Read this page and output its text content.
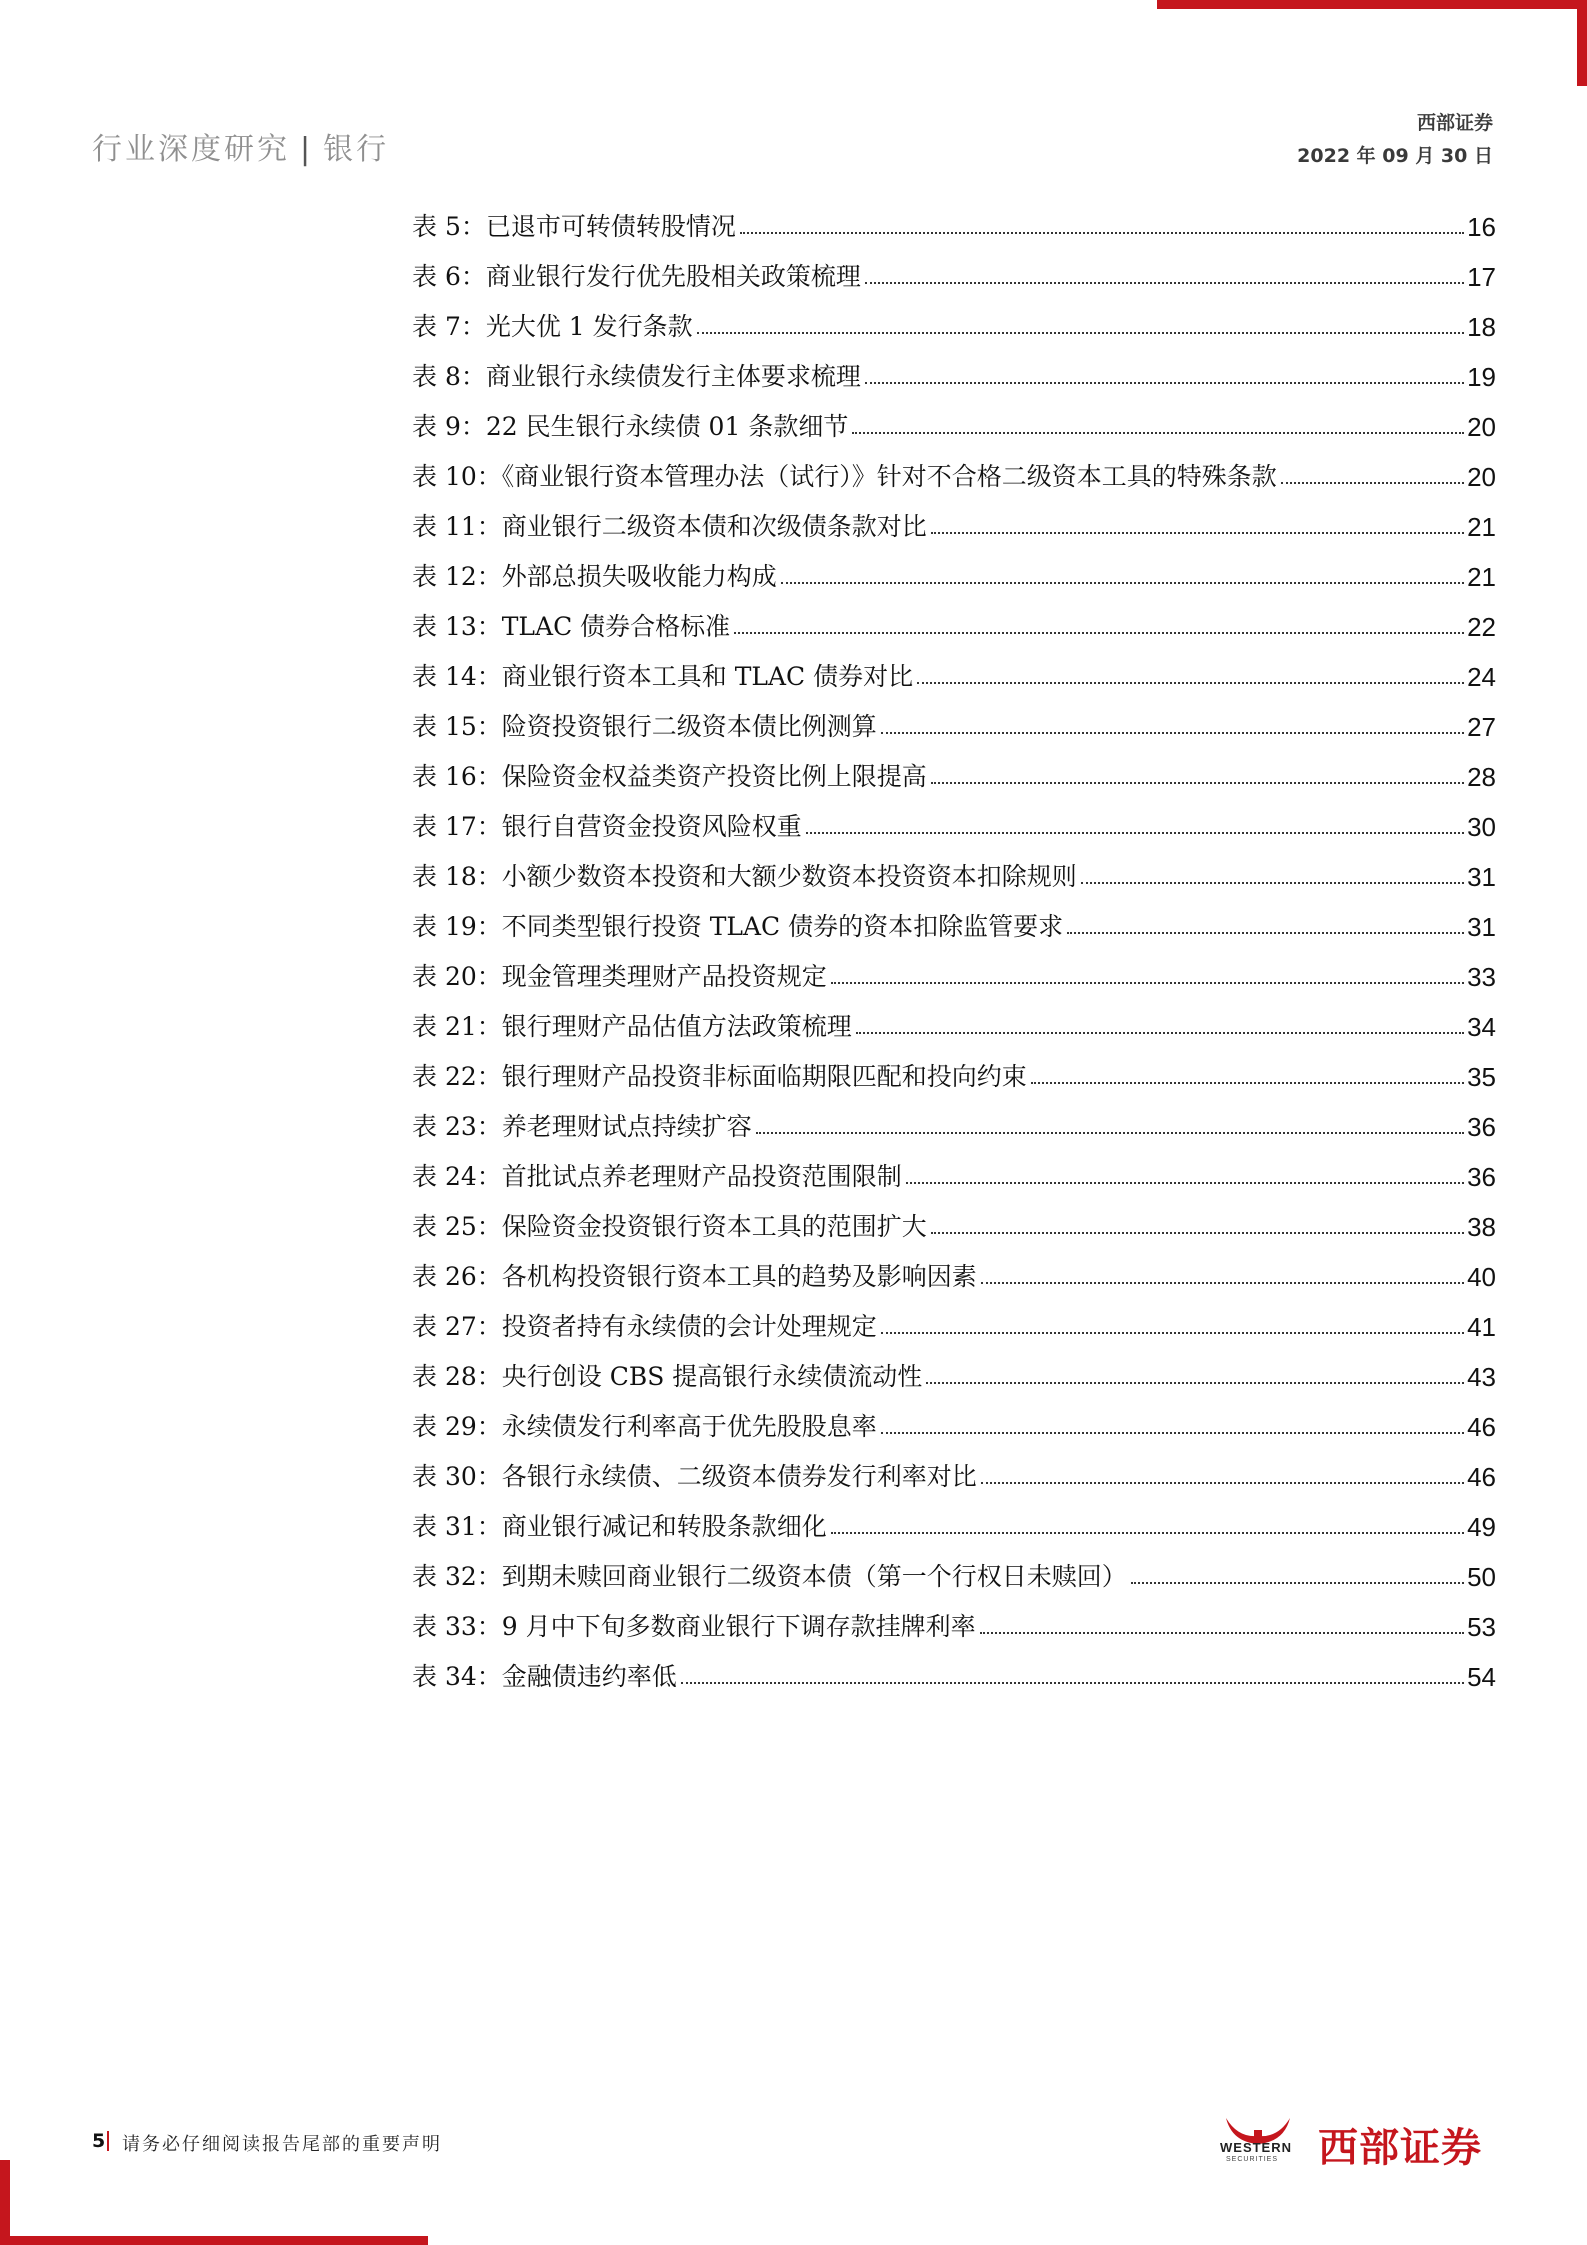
行业深度研究 | 银行
西部证券
2022 年 09 月 30 日
表 5：已退市可转债转股情况	16
表 6：商业银行发行优先股相关政策梳理	17
表 7：光大优 1 发行条款	18
表 8：商业银行永续债发行主体要求梳理	19
表 9：22 民生银行永续债 01 条款细节	20
表 10：《商业银行资本管理办法（试行）》针对不合格二级资本工具的特殊条款	20
表 11：商业银行二级资本债和次级债条款对比	21
表 12：外部总损失吸收能力构成	21
表 13：TLAC 债券合格标准	22
表 14：商业银行资本工具和 TLAC 债券对比	24
表 15：险资投资银行二级资本债比例测算	27
表 16：保险资金权益类资产投资比例上限提高	28
表 17：银行自营资金投资风险权重	30
表 18：小额少数资本投资和大额少数资本投资资本扣除规则	31
表 19：不同类型银行投资 TLAC 债券的资本扣除监管要求	31
表 20：现金管理类理财产品投资规定	33
表 21：银行理财产品估值方法政策梳理	34
表 22：银行理财产品投资非标面临期限匹配和投向约束	35
表 23：养老理财试点持续扩容	36
表 24：首批试点养老理财产品投资范围限制	36
表 25：保险资金投资银行资本工具的范围扩大	38
表 26：各机构投资银行资本工具的趋势及影响因素	40
表 27：投资者持有永续债的会计处理规定	41
表 28：央行创设 CBS 提高银行永续债流动性	43
表 29：永续债发行利率高于优先股股息率	46
表 30：各银行永续债、二级资本债券发行利率对比	46
表 31：商业银行减记和转股条款细化	49
表 32：到期未赎回商业银行二级资本债（第一个行权日未赎回）	50
表 33：9 月中下旬多数商业银行下调存款挂牌利率	53
表 34：金融债违约率低	54
5 请务必仔细阅读报告尾部的重要声明	WESTERN
SECURITIES 西部证券
